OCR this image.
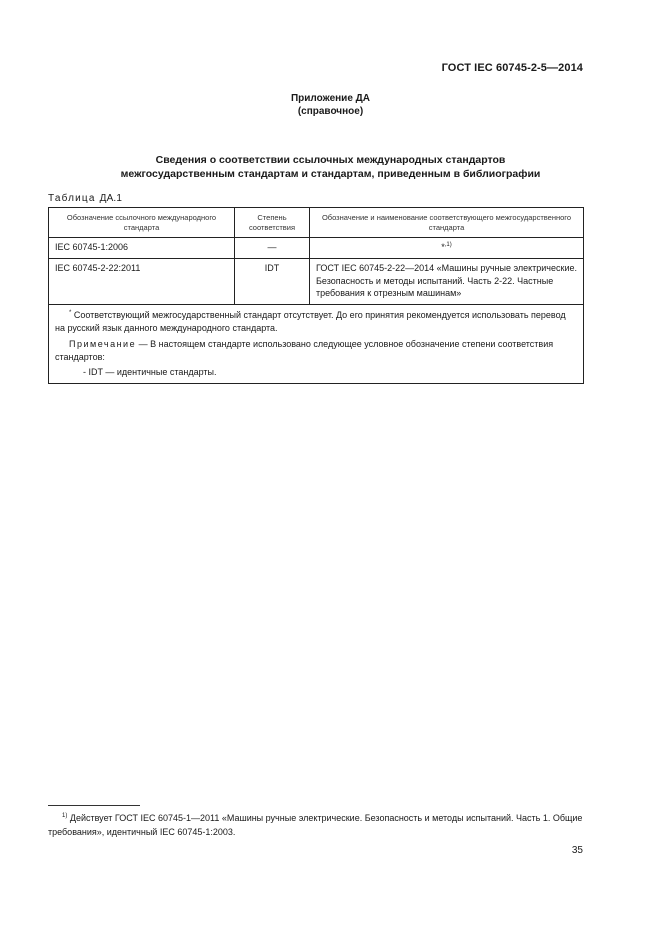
ГОСТ IEC 60745-2-5—2014
Приложение ДА
(справочное)
Сведения о соответствии ссылочных международных стандартов
межгосударственным стандартам и стандартам, приведенным в библиографии
Таблица ДА.1
Обозначение ссылочного международного стандарта	Степень соответствия	Обозначение и наименование соответствующего межгосударственного стандарта
IEC 60745-1:2006	—	*$^{,1)}$
IEC 60745-2-22:2011	IDT	ГОСТ IEC 60745-2-22—2014 «Машины ручные электрические. Безопасность и методы испытаний. Часть 2-22. Частные требования к отрезным машинам»

* Соответствующий межгосударственный стандарт отсутствует. До его принятия рекомендуется использовать перевод на русский язык данного международного стандарта.

Примечание — В настоящем стандарте использовано следующее условное обозначение степени соответствия стандартов:

- IDT — идентичные стандарты.		

$^{1)}$ Действует ГОСТ IEC 60745-1—2011 «Машины ручные электрические. Безопасность и методы испытаний. Часть 1. Общие требования», идентичный IEC 60745-1:2003.

35
